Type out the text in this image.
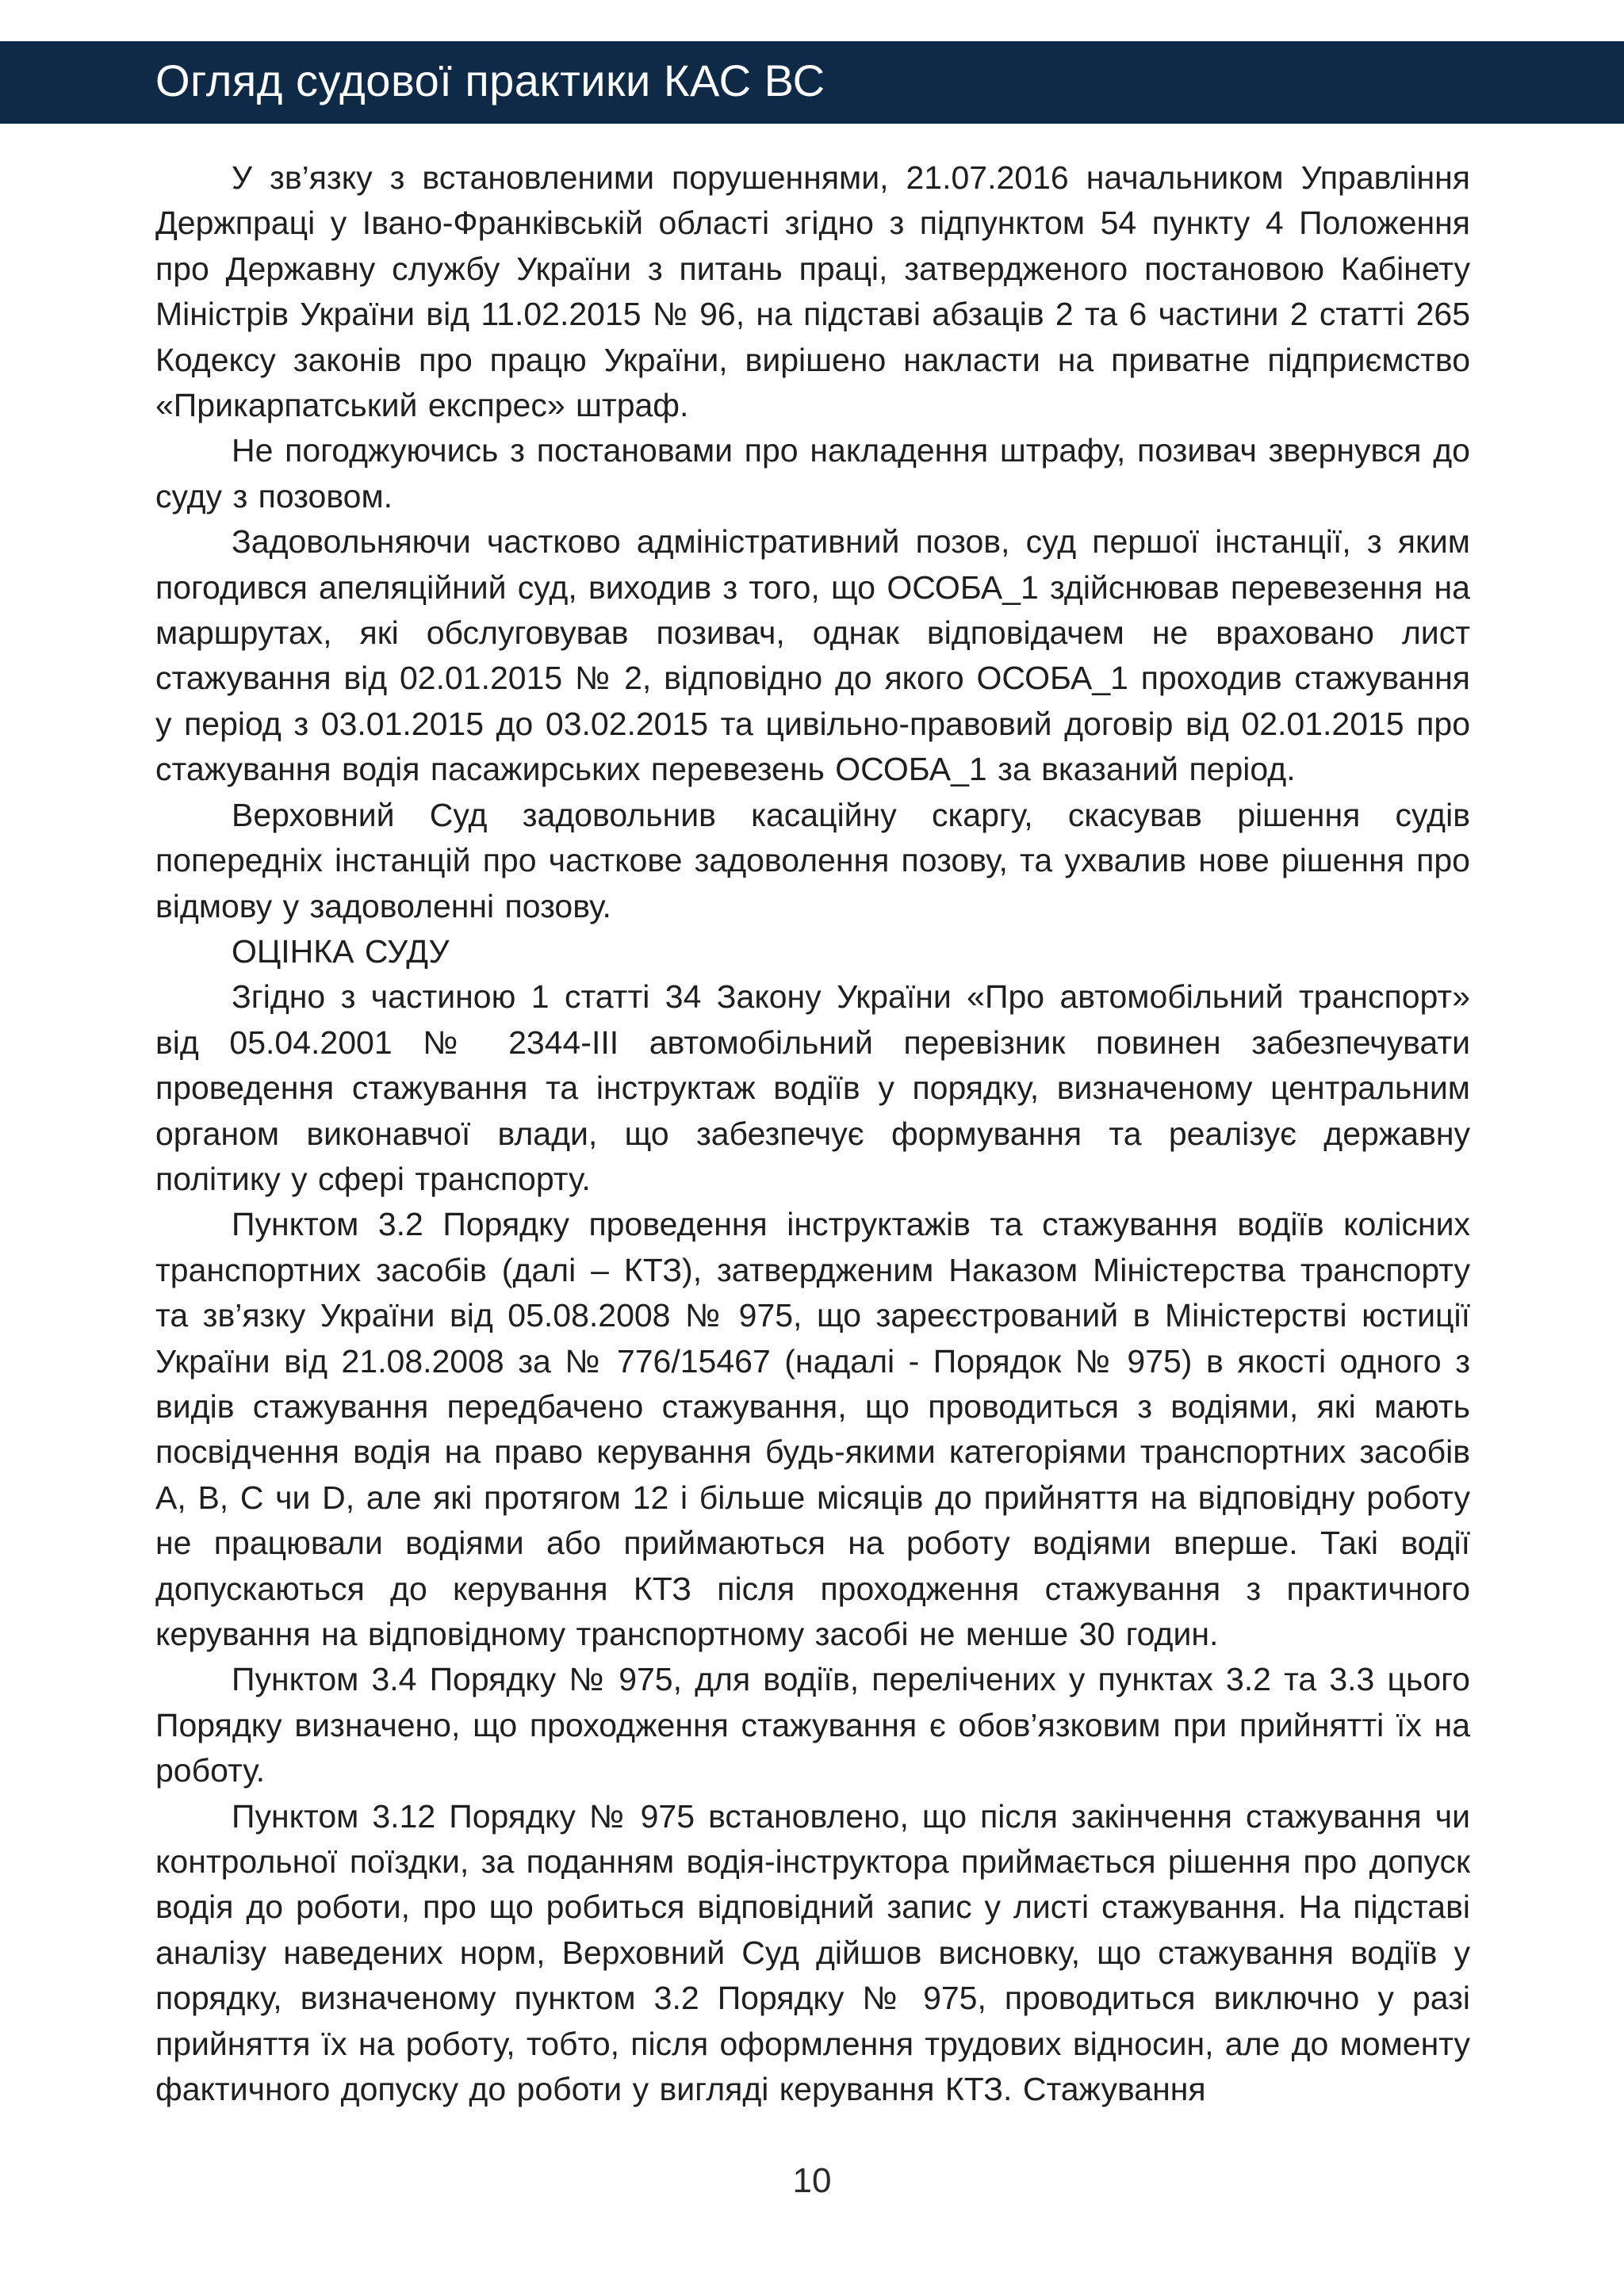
Огляд судової практики КАС ВС

У зв’язку з встановленими порушеннями, 21.07.2016 начальником Управління Держпраці у Івано-Франківській області згідно з підпунктом 54 пункту 4 Положення про Державну службу України з питань праці, затвердженого постановою Кабінету Міністрів України від 11.02.2015 № 96, на підставі абзаців 2 та 6 частини 2 статті 265 Кодексу законів про працю України, вирішено накласти на приватне підприємство «Прикарпатський експрес» штраф.

Не погоджуючись з постановами про накладення штрафу, позивач звернувся до суду з позовом.

Задовольняючи частково адміністративний позов, суд першої інстанції, з яким погодився апеляційний суд, виходив з того, що ОСОБА_1 здійснював перевезення на маршрутах, які обслуговував позивач, однак відповідачем не враховано лист стажування від 02.01.2015 № 2, відповідно до якого ОСОБА_1 проходив стажування у період з 03.01.2015 до 03.02.2015 та цивільно-правовий договір від 02.01.2015 про стажування водія пасажирських перевезень ОСОБА_1 за вказаний період.

Верховний Суд задовольнив касаційну скаргу, скасував рішення судів попередніх інстанцій про часткове задоволення позову, та ухвалив нове рішення про відмову у задоволенні позову.

ОЦІНКА СУДУ

Згідно з частиною 1 статті 34 Закону України «Про автомобільний транспорт» від 05.04.2001 № 2344-III автомобільний перевізник повинен забезпечувати проведення стажування та інструктаж водіїв у порядку, визначеному центральним органом виконавчої влади, що забезпечує формування та реалізує державну політику у сфері транспорту.

Пунктом 3.2 Порядку проведення інструктажів та стажування водіїв колісних транспортних засобів (далі – КТЗ), затвердженим Наказом Міністерства транспорту та зв’язку України від 05.08.2008 № 975, що зареєстрований в Міністерстві юстиції України від 21.08.2008 за № 776/15467 (надалі - Порядок № 975) в якості одного з видів стажування передбачено стажування, що проводиться з водіями, які мають посвідчення водія на право керування будь-якими категоріями транспортних засобів A, B, C чи D, але які протягом 12 і більше місяців до прийняття на відповідну роботу не працювали водіями або приймаються на роботу водіями вперше. Такі водії допускаються до керування КТЗ після проходження стажування з практичного керування на відповідному транспортному засобі не менше 30 годин.

Пунктом 3.4 Порядку № 975, для водіїв, перелічених у пунктах 3.2 та 3.3 цього Порядку визначено, що проходження стажування є обов’язковим при прийнятті їх на роботу.

Пунктом 3.12 Порядку № 975 встановлено, що після закінчення стажування чи контрольної поїздки, за поданням водія-інструктора приймається рішення про допуск водія до роботи, про що робиться відповідний запис у листі стажування. На підставі аналізу наведених норм, Верховний Суд дійшов висновку, що стажування водіїв у порядку, визначеному пунктом 3.2 Порядку № 975, проводиться виключно у разі прийняття їх на роботу, тобто, після оформлення трудових відносин, але до моменту фактичного допуску до роботи у вигляді керування КТЗ. Стажування

10
